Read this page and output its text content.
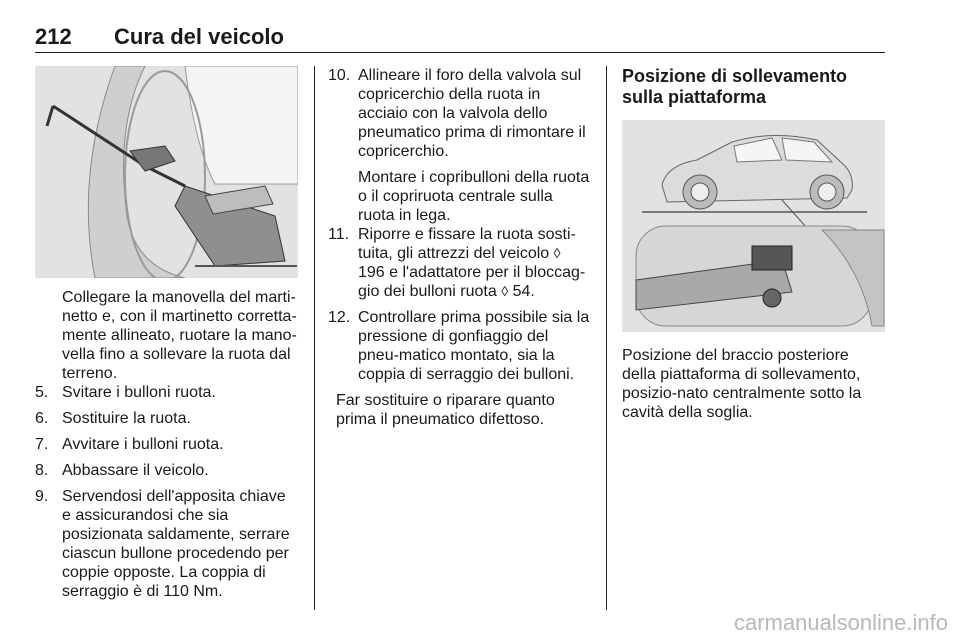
212 Cura del veicolo

Collegare la manovella del marti-netto e, con il martinetto corretta-mente allineato, ruotare la mano-vella fino a sollevare la ruota dal terreno.

5. Svitare i bulloni ruota.
6. Sostituire la ruota.
7. Avvitare i bulloni ruota.
8. Abbassare il veicolo.
9. Servendosi dell'apposita chiave e assicurandosi che sia posizionata saldamente, serrare ciascun bullone procedendo per coppie opposte. La coppia di serraggio è di 110 Nm.
10. Allineare il foro della valvola sul copricerchio della ruota in acciaio con la valvola dello pneumatico prima di rimontare il copricerchio.

Montare i copribulloni della ruota o il copriruota centrale sulla ruota in lega.

11. Riporre e fissare la ruota sosti-tuita, gli attrezzi del veicolo ◊ 196 e l'adattatore per il bloccag-gio dei bulloni ruota ◊ 54.
12. Controllare prima possibile sia la pressione di gonfiaggio del pneu-matico montato, sia la coppia di serraggio dei bulloni.

Far sostituire o riparare quanto prima il pneumatico difettoso.

Posizione di sollevamento sulla piattaforma

Posizione del braccio posteriore della piattaforma di sollevamento, posizio-nato centralmente sotto la cavità della soglia.

carmanualsonline.info
